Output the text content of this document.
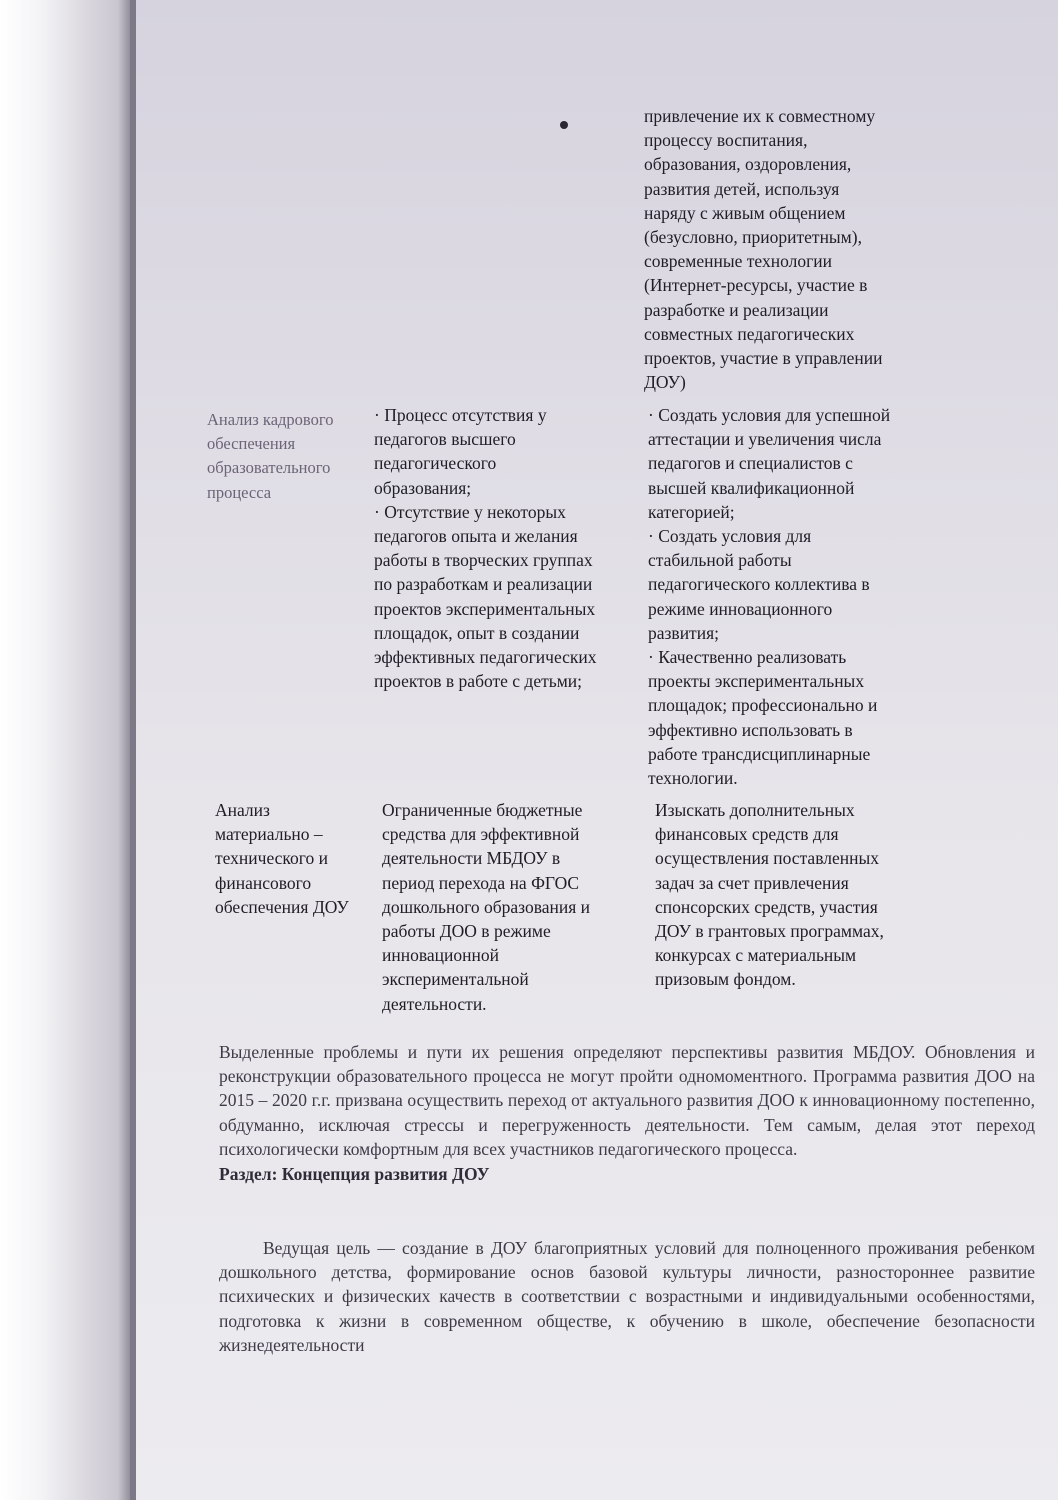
привлечение их к совместному
процессу воспитания,
образования, оздоровления,
развития детей, используя
наряду с живым общением
(безусловно, приоритетным),
современные технологии
(Интернет-ресурсы, участие в
разработке и реализации
совместных педагогических
проектов, участие в управлении
ДОУ)
Анализ кадрового
обеспечения
образовательного
процесса
· Процесс отсутствия у
педагогов высшего
педагогического
образования;
· Отсутствие у некоторых
педагогов опыта и желания
работы в творческих группах
по разработкам и реализации
проектов экспериментальных
площадок, опыт в создании
эффективных педагогических
проектов в работе с детьми;
· Создать условия для успешной
аттестации и увеличения числа
педагогов и специалистов с
высшей квалификационной
категорией;
· Создать условия для
стабильной работы
педагогического коллектива в
режиме инновационного
развития;
· Качественно реализовать
проекты экспериментальных
площадок; профессионально и
эффективно использовать в
работе трансдисциплинарные
технологии.
Анализ
материально –
технического и
финансового
обеспечения ДОУ
Ограниченные бюджетные
средства для эффективной
деятельности МБДОУ в
период перехода на ФГОС
дошкольного образования и
работы ДОО в режиме
инновационной
экспериментальной
деятельности.
Изыскать дополнительных
финансовых средств для
осуществления поставленных
задач за счет привлечения
спонсорских средств, участия
ДОУ в грантовых программах,
конкурсах с материальным
призовым фондом.
Выделенные проблемы и пути их решения определяют перспективы развития МБДОУ. Обновления и реконструкции образовательного процесса не могут пройти одномоментного. Программа развития ДОО на 2015 – 2020 г.г. призвана осуществить переход от актуального развития ДОО к инновационному постепенно, обдуманно, исключая стрессы и перегруженность деятельности. Тем самым, делая этот переход психологически комфортным для всех участников педагогического процесса.
Раздел: Концепция развития ДОУ
Ведущая цель — создание в ДОУ благоприятных условий для полноценного проживания ребенком дошкольного детства, формирование основ базовой культуры личности, разностороннее развитие психических и физических качеств в соответствии с возрастными и индивидуальными особенностями, подготовка к жизни в современном обществе, к обучению в школе, обеспечение безопасности жизнедеятельности
